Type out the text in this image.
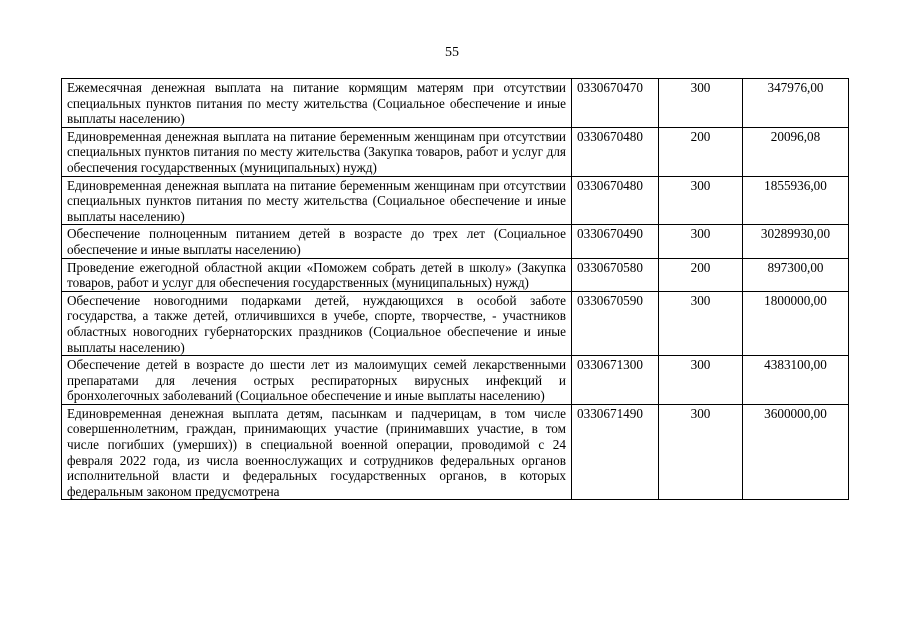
55
Ежемесячная денежная выплата на питание кормящим матерям при отсутствии специальных пунктов питания по месту жительства (Социальное обеспечение и иные выплаты населению)	0330670470	300	347976,00
Единовременная денежная выплата на питание беременным женщинам при отсутствии специальных пунктов питания по месту жительства (Закупка товаров, работ и услуг для обеспечения государственных (муниципальных) нужд)	0330670480	200	20096,08
Единовременная денежная выплата на питание беременным женщинам при отсутствии специальных пунктов питания по месту жительства (Социальное обеспечение и иные выплаты населению)	0330670480	300	1855936,00
Обеспечение полноценным питанием детей в возрасте до трех лет (Социальное обеспечение и иные выплаты населению)	0330670490	300	30289930,00
Проведение ежегодной областной акции «Поможем собрать детей в школу» (Закупка товаров, работ и услуг для обеспечения государственных (муниципальных) нужд)	0330670580	200	897300,00
Обеспечение новогодними подарками детей, нуждающихся в особой заботе государства, а также детей, отличившихся в учебе, спорте, творчестве, - участников областных новогодних губернаторских праздников (Социальное обеспечение и иные выплаты населению)	0330670590	300	1800000,00
Обеспечение детей в возрасте до шести лет из малоимущих семей лекарственными препаратами для лечения острых респираторных вирусных инфекций и бронхолегочных заболеваний (Социальное обеспечение и иные выплаты населению)	0330671300	300	4383100,00
Единовременная денежная выплата детям, пасынкам и падчерицам, в том числе совершеннолетним, граждан, принимающих участие (принимавших участие, в том числе погибших (умерших)) в специальной военной операции, проводимой с 24 февраля 2022 года, из числа военнослужащих и сотрудников федеральных органов исполнительной власти и федеральных государственных органов, в которых федеральным законом предусмотрена	0330671490	300	3600000,00
